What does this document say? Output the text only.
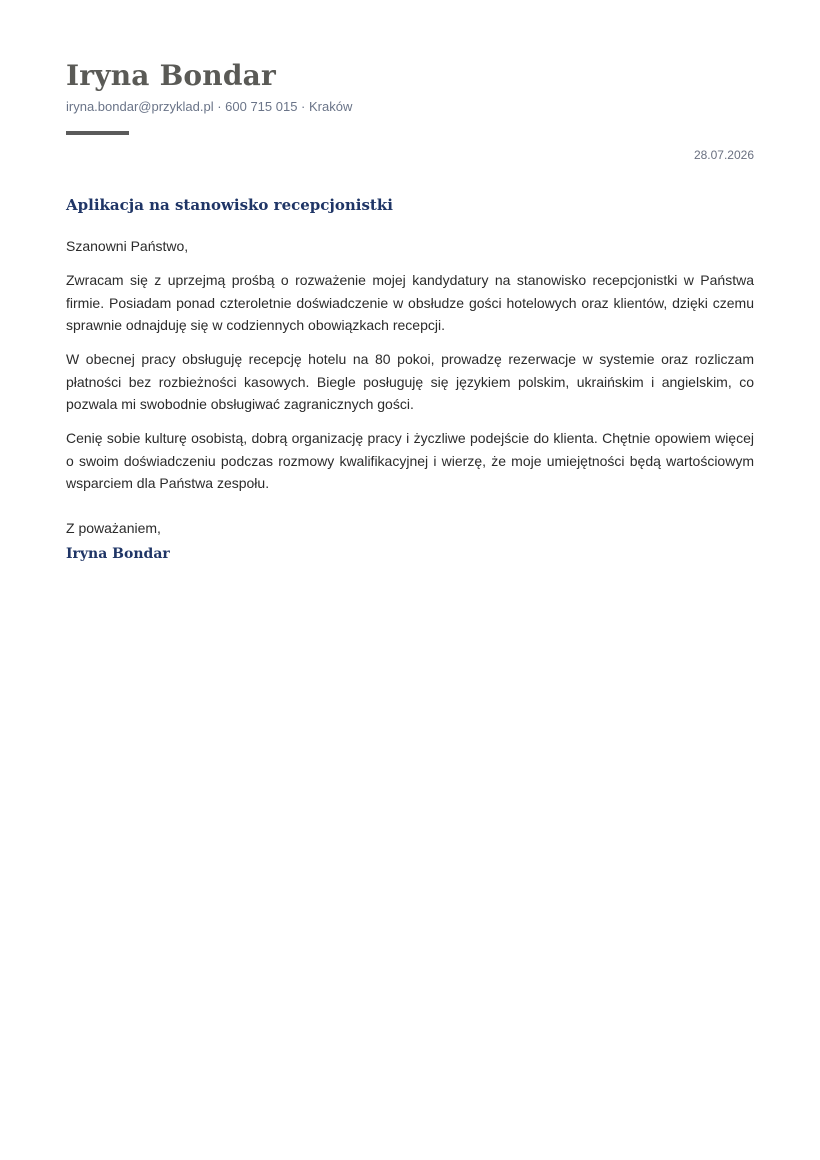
Iryna Bondar
iryna.bondar@przyklad.pl · 600 715 015 · Kraków
28.07.2026
Aplikacja na stanowisko recepcjonistki
Szanowni Państwo,

Zwracam się z uprzejmą prośbą o rozważenie mojej kandydatury na stanowisko recepcjonistki w Państwa firmie. Posiadam ponad czteroletnie doświadczenie w obsłudze gości hotelowych oraz klientów, dzięki czemu sprawnie odnajduję się w codziennych obowiązkach recepcji.

W obecnej pracy obsługuję recepcję hotelu na 80 pokoi, prowadzę rezerwacje w systemie oraz rozliczam płatności bez rozbieżności kasowych. Biegle posługuję się językiem polskim, ukraińskim i angielskim, co pozwala mi swobodnie obsługiwać zagranicznych gości.

Cenię sobie kulturę osobistą, dobrą organizację pracy i życzliwe podejście do klienta. Chętnie opowiem więcej o swoim doświadczeniu podczas rozmowy kwalifikacyjnej i wierzę, że moje umiejętności będą wartościowym wsparciem dla Państwa zespołu.

Z poważaniem,
Iryna Bondar
